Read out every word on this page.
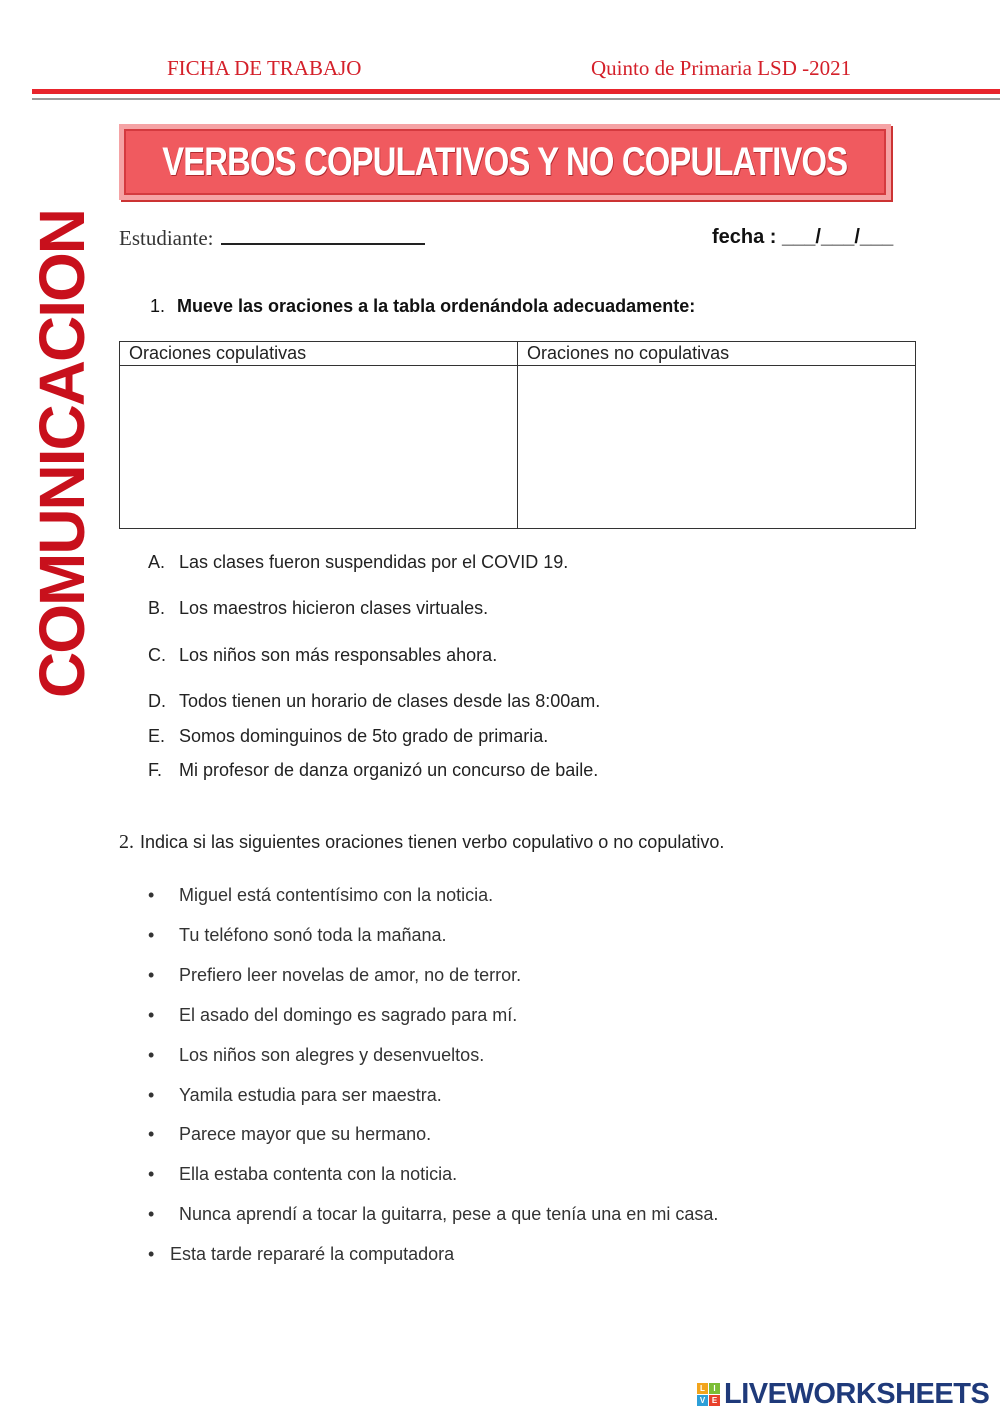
FICHA DE TRABAJO	Quinto de Primaria LSD -2021
VERBOS COPULATIVOS Y NO COPULATIVOS
COMUNICACION Estudiante:	fecha : ___/___/___
1. Mueve las oraciones a la tabla ordenándola adecuadamente:
Oraciones copulativas	Oraciones no copulativas

A. Las clases fueron suspendidas por el COVID 19.
B. Los maestros hicieron clases virtuales.
C. Los niños son más responsables ahora.
D. Todos tienen un horario de clases desde las 8:00am.
E. Somos dominguinos de 5to grado de primaria.
F. Mi profesor de danza organizó un concurso de baile.
2. Indica si las siguientes oraciones tienen verbo copulativo o no copulativo.
• Miguel está contentísimo con la noticia.
• Tu teléfono sonó toda la mañana.
• Prefiero leer novelas de amor, no de terror.
• El asado del domingo es sagrado para mí.
• Los niños son alegres y desenvueltos.
• Yamila estudia para ser maestra.
• Parece mayor que su hermano.
• Ella estaba contenta con la noticia.
• Nunca aprendí a tocar la guitarra, pese a que tenía una en mi casa.
• Esta tarde repararé la computadora
L	I
V E LIVEWORKSHEETS
